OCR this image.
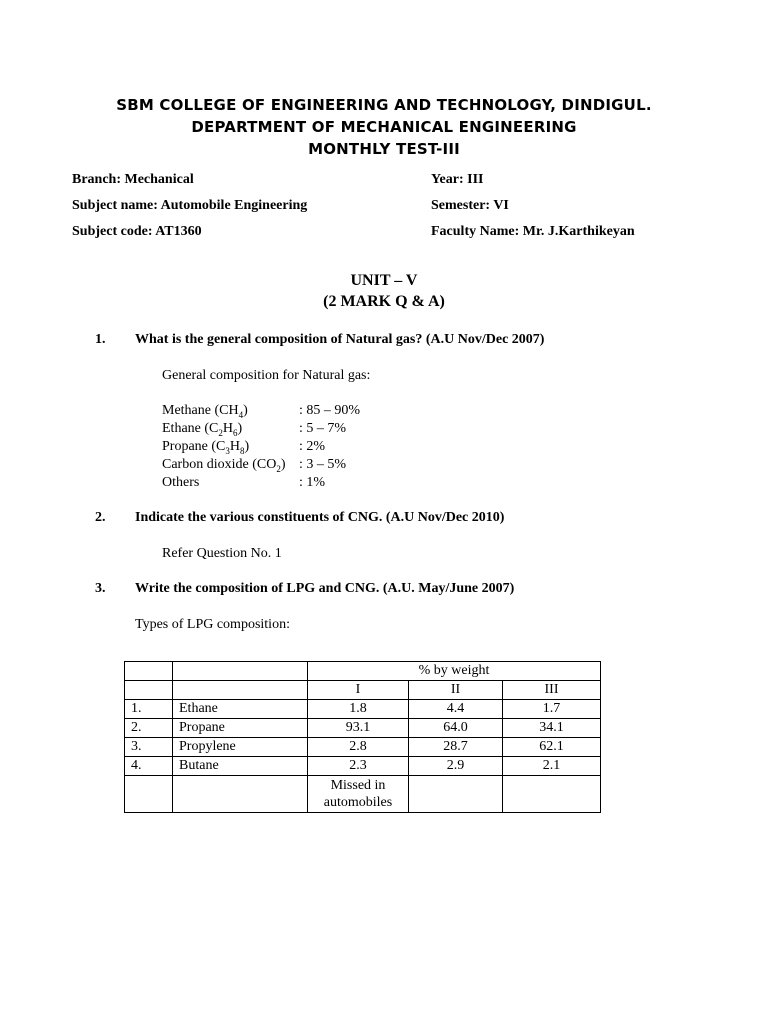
SBM COLLEGE OF ENGINEERING AND TECHNOLOGY, DINDIGUL.
DEPARTMENT OF MECHANICAL ENGINEERING
MONTHLY TEST-III
Branch: Mechanical	Year: III
Subject name: Automobile Engineering	Semester: VI
Subject code: AT1360	Faculty Name: Mr. J.Karthikeyan
UNIT – V
(2 MARK Q & A)
1. What is the general composition of Natural gas? (A.U Nov/Dec 2007)
General composition for Natural gas:
Methane $(CH_4)$	: 85 – 90%
Ethane $(C_2H_6)$	: 5 – 7%
Propane $(C_3H_8)$	: 2%
Carbon dioxide $(CO_2)$ : 3 – 5%
Others	: 1%
2. Indicate the various constituents of CNG. (A.U Nov/Dec 2010)
Refer Question No. 1
3. Write the composition of LPG and CNG. (A.U. May/June 2007)
Types of LPG composition:
		% by weight		
		I	II	III
1.	Ethane	1.8	4.4	1.7
2.	Propane	93.1	64.0	34.1
3.	Propylene	2.8	28.7	62.1
4.	Butane	2.3	2.9	2.1
		Missed in
automobiles		
